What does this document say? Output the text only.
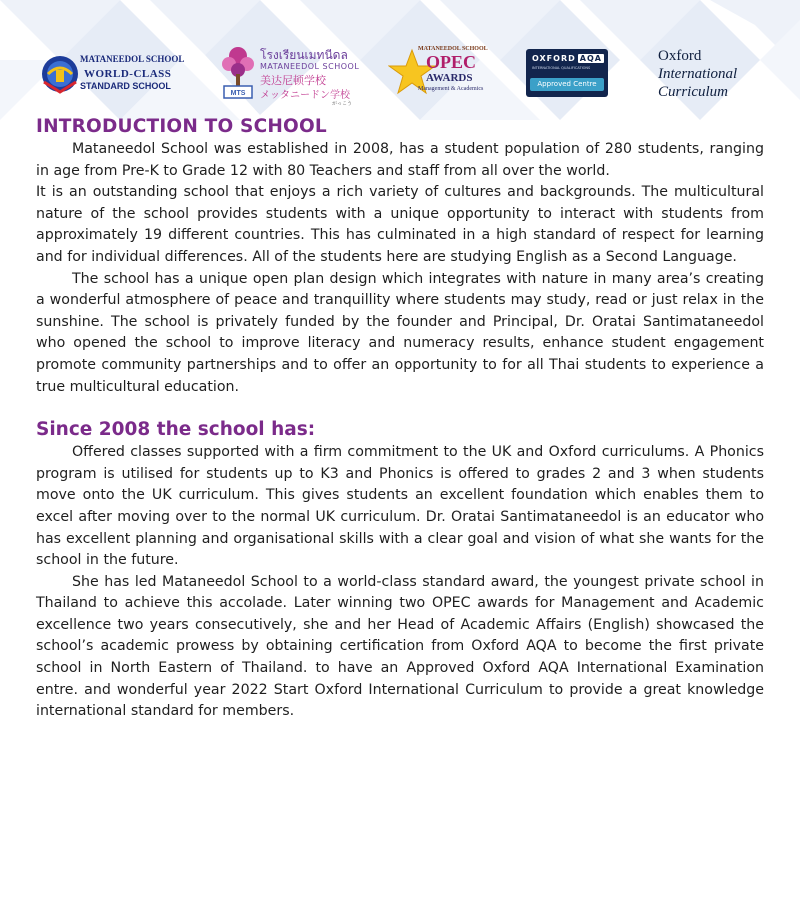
MATANEEDOL SCHOOL
WORLD-CLASS
STANDARD SCHOOL
MTS
โรงเรียนเมทนีดล
MATANEEDOL SCHOOL
美达尼顿学校
メッタニードン学校
がっこう
MATANEEDOL SCHOOL
OPEC
AWARDS
Management & Academics
OXFORD AQA
INTERNATIONAL QUALIFICATIONS
Approved Centre
Oxford
International
Curriculum
INTRODUCTION TO SCHOOL

Mataneedol School was established in 2008, has a student population of 280 students, ranging in age from Pre-K to Grade 12 with 80 Teachers and staff from all over the world.

It is an outstanding school that enjoys a rich variety of cultures and backgrounds. The multicultural nature of the school provides students with a unique opportunity to interact with students from approximately 19 different countries. This has culminated in a high standard of respect for learning and for individual differences. All of the students here are studying English as a Second Language.

The school has a unique open plan design which integrates with nature in many area’s creating a wonderful atmosphere of peace and tranquillity where students may study, read or just relax in the sunshine. The school is privately funded by the founder and Principal, Dr. Oratai Santimataneedol who opened the school to improve literacy and numeracy results, enhance student engagement promote community partnerships and to offer an opportunity to for all Thai students to experience a true multicultural education.

Since 2008 the school has:

Offered classes supported with a firm commitment to the UK and Oxford curriculums. A Phonics program is utilised for students up to K3 and Phonics is offered to grades 2 and 3 when students move onto the UK curriculum. This gives students an excellent foundation which enables them to excel after moving over to the normal UK curriculum. Dr. Oratai Santimataneedol is an educator who has excellent planning and organisational skills with a clear goal and vision of what she wants for the school in the future.

She has led Mataneedol School to a world-class standard award, the youngest private school in Thailand to achieve this accolade. Later winning two OPEC awards for Management and Academic excellence two years consecutively, she and her Head of Academic Affairs (English) showcased the school’s academic prowess by obtaining certification from Oxford AQA to become the first private school in North Eastern of Thailand. to have an Approved Oxford AQA International Examination entre. and wonderful year 2022 Start Oxford International Curriculum to provide a great knowledge international standard for members.
